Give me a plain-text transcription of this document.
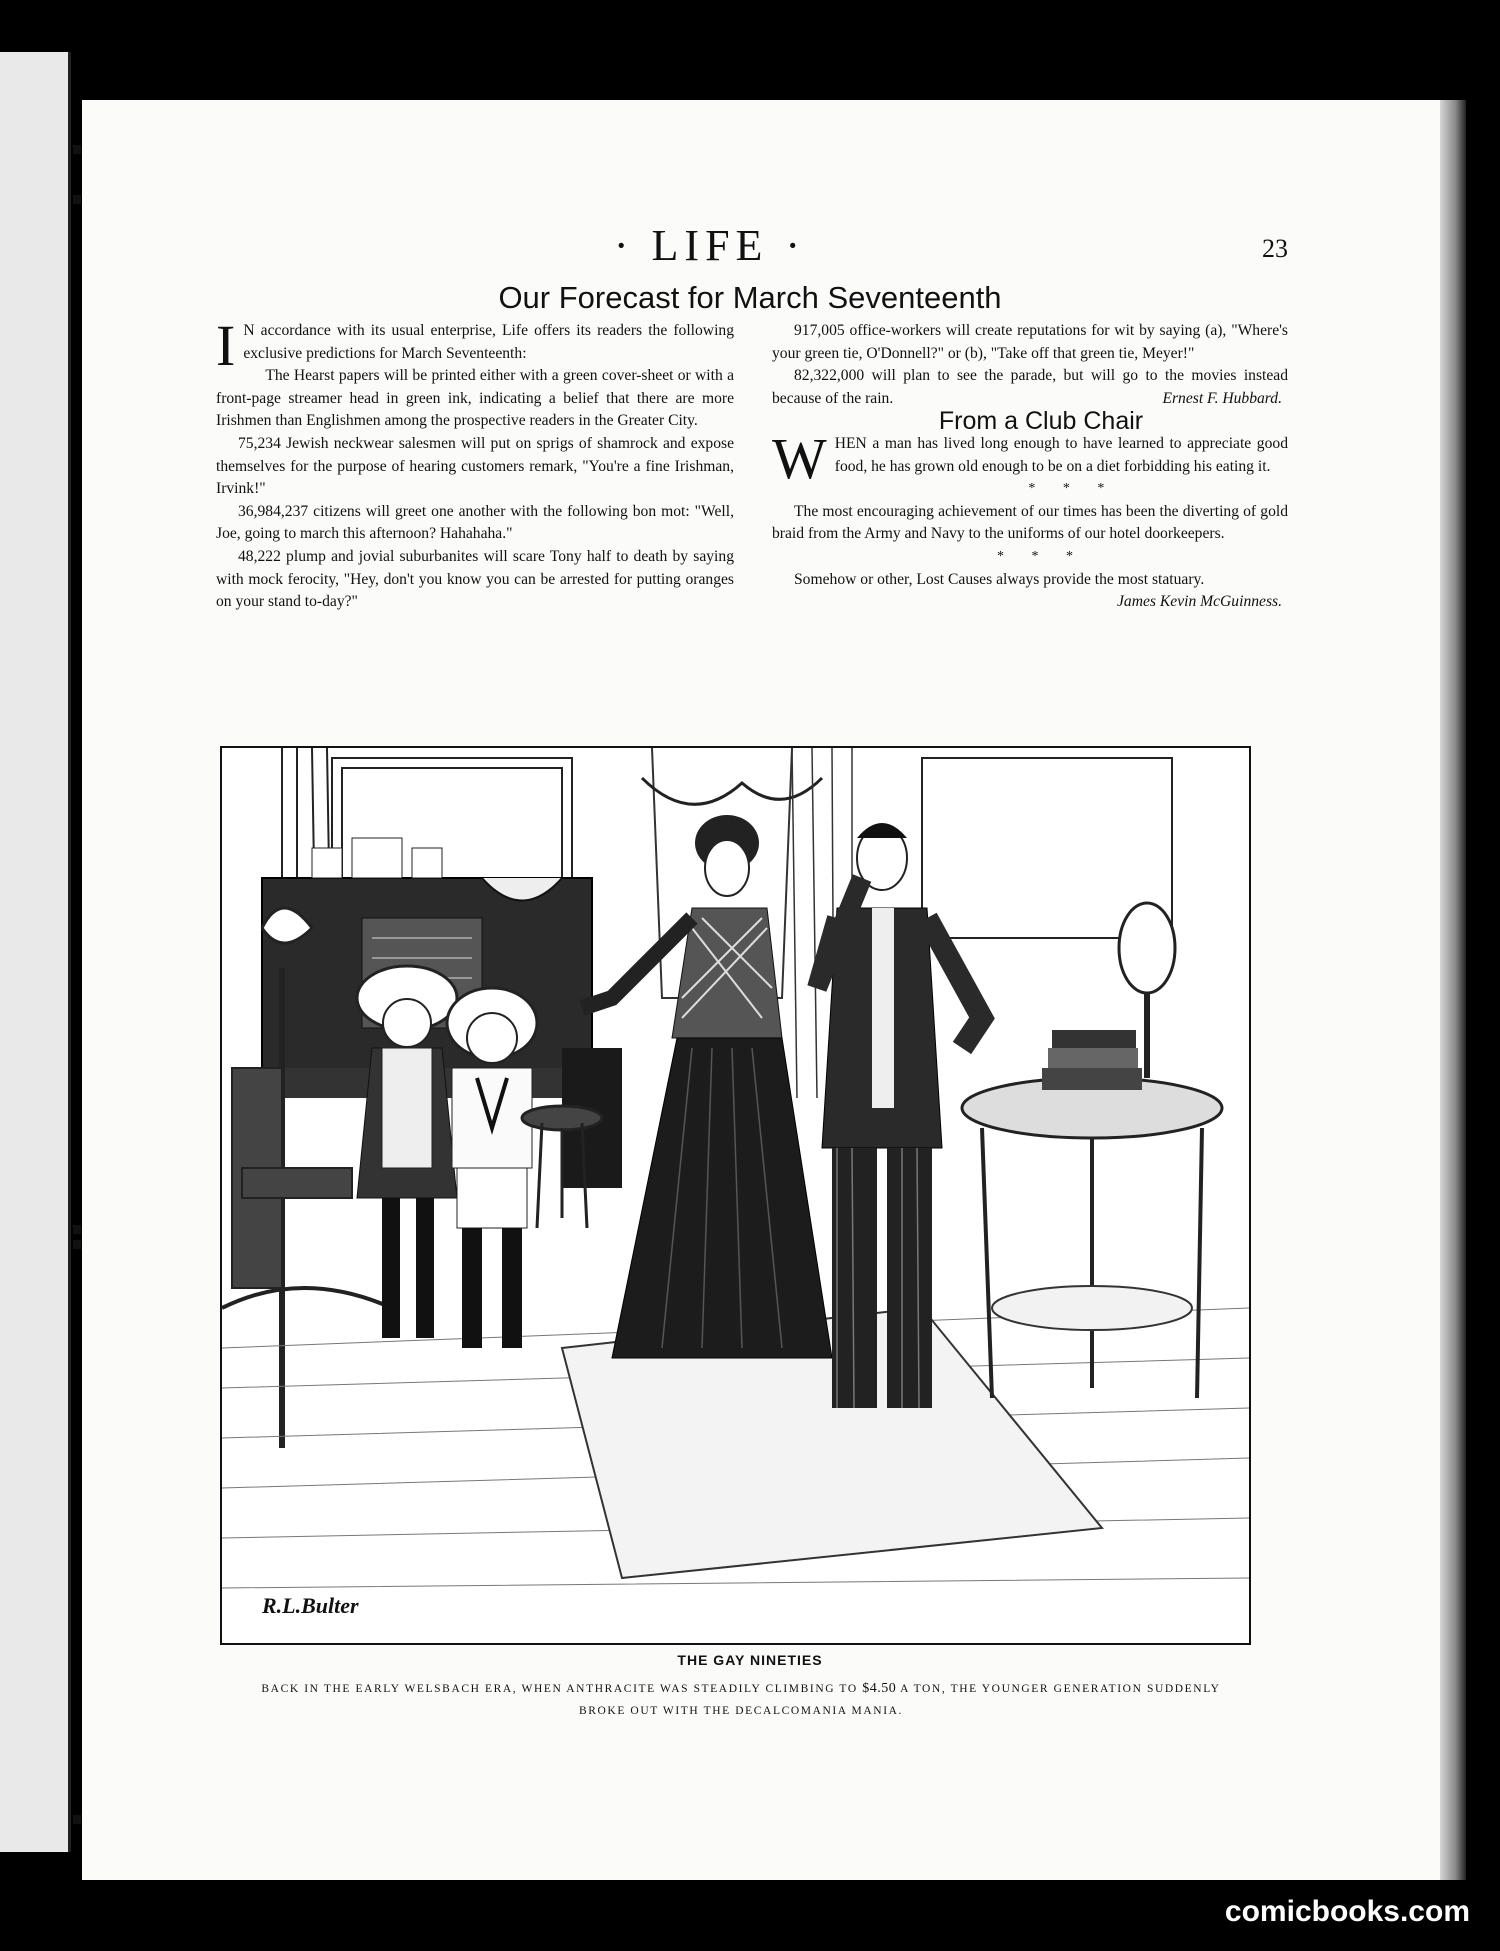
· LIFE ·	23
Our Forecast for March Seventeenth

I N accordance with its usual enterprise, Life offers its readers the following exclusive predictions for March Seventeenth:

The Hearst papers will be printed either with a green cover-sheet or with a front-page streamer head in green ink, indicating a belief that there are more Irishmen than Englishmen among the prospective readers in the Greater City.

75,234 Jewish neckwear salesmen will put on sprigs of shamrock and expose themselves for the purpose of hearing customers remark, "You're a fine Irishman, Irvink!"

36,984,237 citizens will greet one another with the following bon mot: "Well, Joe, going to march this afternoon? Hahahaha."

48,222 plump and jovial suburbanites will scare Tony half to death by saying with mock ferocity, "Hey, don't you know you can be arrested for putting oranges on your stand to-day?"

917,005 office-workers will create reputations for wit by saying (a), "Where's your green tie, O'Donnell?" or (b), "Take off that green tie, Meyer!"

82,322,000 will plan to see the parade, but will go to the movies instead because of the rain.	Ernest F. Hubbard.

From a Club Chair

W HEN a man has lived long enough to have learned to appreciate good food, he has grown old enough to be on a diet forbidding his eating it.

* * *

The most encouraging achievement of our times has been the diverting of gold braid from the Army and Navy to the uniforms of our hotel doorkeepers.

* * *

Somehow or other, Lost Causes always provide the most statuary.
James Kevin McGuinness.

R.L.Bulter
THE GAY NINETIES
BACK IN THE EARLY WELSBACH ERA, WHEN ANTHRACITE WAS STEADILY CLIMBING TO $4.50 A TON, THE YOUNGER GENERATION SUDDENLY BROKE OUT WITH THE DECALCOMANIA MANIA.
comicbooks.com
